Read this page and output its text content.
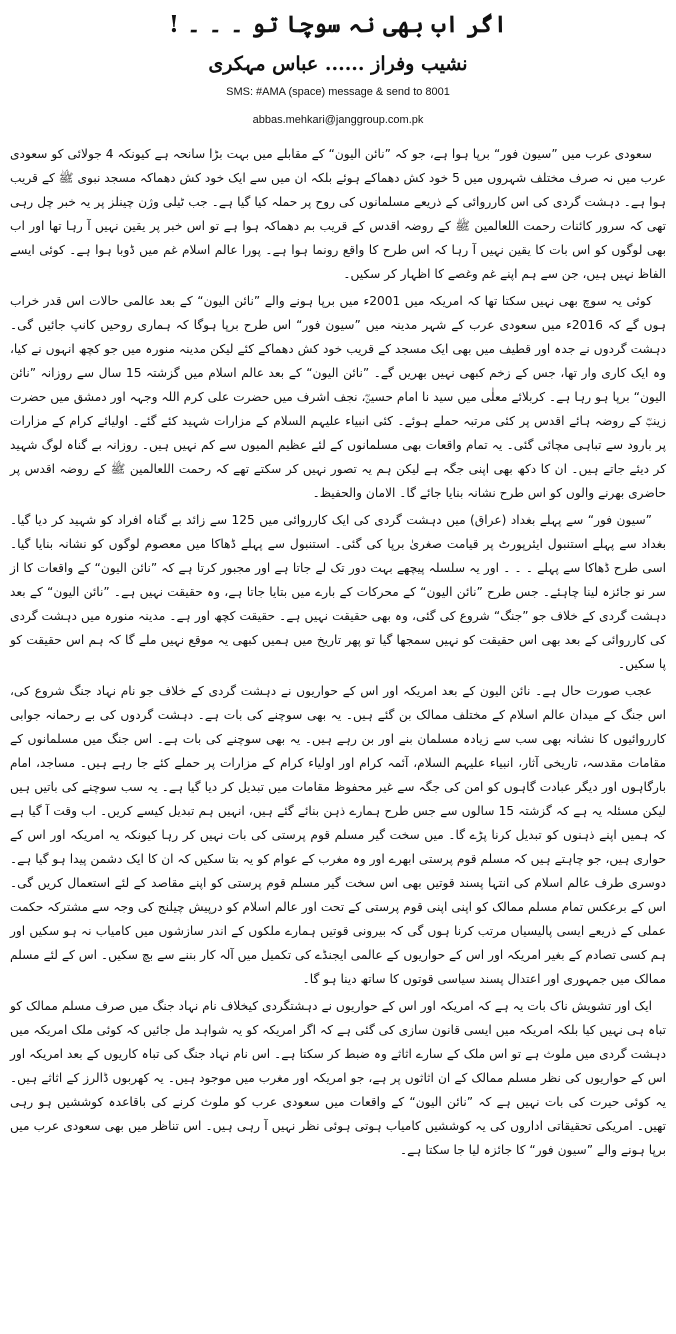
اگر اب بھی نہ سوچا تو ۔ ۔ ۔ !
نشیب وفراز ...... عباس مہکری
SMS: #AMA (space) message & send to 8001
abbas.mehkari@janggroup.com.pk

سعودی عرب میں ”سیون فور“ برپا ہوا ہے، جو کہ ”نائن الیون“ کے مقابلے میں بہت بڑا سانحہ ہے کیونکہ 4 جولائی کو سعودی عرب میں نہ صرف مختلف شہروں میں 5 خود کش دھماکے ہوئے بلکہ ان میں سے ایک خود کش دھماکہ مسجد نبوی ﷺ کے قریب ہوا ہے۔ دہشت گردی کی اس کارروائی کے ذریعے مسلمانوں کی روح پر حملہ کیا گیا ہے۔ جب ٹیلی وژن چینلز پر یہ خبر چل رہی تھی کہ سرور کائنات رحمت اللعالمین ﷺ کے روضہ اقدس کے قریب بم دھماکہ ہوا ہے تو اس خبر پر یقین نہیں آ رہا تھا اور اب بھی لوگوں کو اس بات کا یقین نہیں آ رہا کہ اس طرح کا واقع رونما ہوا ہے۔ پورا عالم اسلام غم میں ڈوبا ہوا ہے۔ کوئی ایسے الفاظ نہیں ہیں، جن سے ہم اپنے غم وغصے کا اظہار کر سکیں۔

کوئی یہ سوچ بھی نہیں سکتا تھا کہ امریکہ میں 2001ء میں برپا ہونے والے ”نائن الیون“ کے بعد عالمی حالات اس قدر خراب ہوں گے کہ 2016ء میں سعودی عرب کے شہر مدینہ میں ”سیون فور“ اس طرح برپا ہوگا کہ ہماری روحیں کانپ جائیں گی۔ دہشت گردوں نے جدہ اور قطیف میں بھی ایک مسجد کے قریب خود کش دھماکے کئے لیکن مدینہ منورہ میں جو کچھ انہوں نے کیا، وہ ایک کاری وار تھا، جس کے زخم کبھی نہیں بھریں گے۔ ”نائن الیون“ کے بعد عالم اسلام میں گزشتہ 15 سال سے روزانہ ”نائن الیون“ برپا ہو رہا ہے۔ کربلائے معلٰی میں سید نا امام حسینؓ، نجف اشرف میں حضرت علی کرم اللہ وجہہ اور دمشق میں حضرت زینبؓ کے روضہ ہائے اقدس پر کئی مرتبہ حملے ہوئے۔ کئی انبیاء علیہم السلام کے مزارات شہید کئے گئے۔ اولیائے کرام کے مزارات پر بارود سے تباہی مچائی گئی۔ یہ تمام واقعات بھی مسلمانوں کے لئے عظیم المیوں سے کم نہیں ہیں۔ روزانہ بے گناہ لوگ شہید کر دیئے جاتے ہیں۔ ان کا دکھ بھی اپنی جگہ ہے لیکن ہم یہ تصور نہیں کر سکتے تھے کہ رحمت اللعالمین ﷺ کے روضہ اقدس پر حاضری بھرنے والوں کو اس طرح نشانہ بنایا جائے گا۔ الامان والحفیظ۔

”سیون فور“ سے پہلے بغداد (عراق) میں دہشت گردی کی ایک کارروائی میں 125 سے زائد بے گناہ افراد کو شہید کر دیا گیا۔ بغداد سے پہلے استنبول ایئرپورٹ پر قیامت صغریٰ برپا کی گئی۔ استنبول سے پہلے ڈھاکا میں معصوم لوگوں کو نشانہ بنایا گیا۔ اسی طرح ڈھاکا سے پہلے ۔ ۔ ۔ اور یہ سلسلہ پیچھے بہت دور تک لے جاتا ہے اور مجبور کرتا ہے کہ ”نائن الیون“ کے واقعات کا از سر نو جائزہ لینا چاہئے۔ جس طرح ”نائن الیون“ کے محرکات کے بارے میں بتایا جاتا ہے، وہ حقیقت نہیں ہے۔ ”نائن الیون“ کے بعد دہشت گردی کے خلاف جو ”جنگ“ شروع کی گئی، وہ بھی حقیقت نہیں ہے۔ حقیقت کچھ اور ہے۔ مدینہ منورہ میں دہشت گردی کی کارروائی کے بعد بھی اس حقیقت کو نہیں سمجھا گیا تو پھر تاریخ میں ہمیں کبھی یہ موقع نہیں ملے گا کہ ہم اس حقیقت کو پا سکیں۔

عجب صورت حال ہے۔ نائن الیون کے بعد امریکہ اور اس کے حواریوں نے دہشت گردی کے خلاف جو نام نہاد جنگ شروع کی، اس جنگ کے میدان عالم اسلام کے مختلف ممالک بن گئے ہیں۔ یہ بھی سوچنے کی بات ہے۔ دہشت گردوں کی بے رحمانہ جوابی کارروائیوں کا نشانہ بھی سب سے زیادہ مسلمان بنے اور بن رہے ہیں۔ یہ بھی سوچنے کی بات ہے۔ اس جنگ میں مسلمانوں کے مقامات مقدسہ، تاریخی آثار، انبیاء علیہم السلام، آئمہ کرام اور اولیاء کرام کے مزارات پر حملے کئے جا رہے ہیں۔ مساجد، امام بارگاہوں اور دیگر عبادت گاہوں کو امن کی جگہ سے غیر محفوظ مقامات میں تبدیل کر دیا گیا ہے۔ یہ سب سوچنے کی باتیں ہیں لیکن مسئلہ یہ ہے کہ گزشتہ 15 سالوں سے جس طرح ہمارے ذہن بنائے گئے ہیں، انہیں ہم تبدیل کیسے کریں۔ اب وقت آ گیا ہے کہ ہمیں اپنے ذہنوں کو تبدیل کرنا پڑے گا۔ میں سخت گیر مسلم قوم پرستی کی بات نہیں کر رہا کیونکہ یہ امریکہ اور اس کے حواری ہیں، جو چاہتے ہیں کہ مسلم قوم پرستی ابھرے اور وہ مغرب کے عوام کو یہ بتا سکیں کہ ان کا ایک دشمن پیدا ہو گیا ہے۔ دوسری طرف عالم اسلام کی انتہا پسند قوتیں بھی اس سخت گیر مسلم قوم پرستی کو اپنے مقاصد کے لئے استعمال کریں گی۔ اس کے برعکس تمام مسلم ممالک کو اپنی اپنی قوم پرستی کے تحت اور عالم اسلام کو درپیش چیلنج کی وجہ سے مشترکہ حکمت عملی کے ذریعے ایسی پالیسیاں مرتب کرنا ہوں گی کہ بیرونی قوتیں ہمارے ملکوں کے اندر سازشوں میں کامیاب نہ ہو سکیں اور ہم کسی تصادم کے بغیر امریکہ اور اس کے حواریوں کے عالمی ایجنڈے کی تکمیل میں آلہ کار بننے سے بچ سکیں۔ اس کے لئے مسلم ممالک میں جمہوری اور اعتدال پسند سیاسی قوتوں کا ساتھ دینا ہو گا۔

ایک اور تشویش ناک بات یہ ہے کہ امریکہ اور اس کے حواریوں نے دہشتگردی کیخلاف نام نہاد جنگ میں صرف مسلم ممالک کو تباہ ہی نہیں کیا بلکہ امریکہ میں ایسی قانون سازی کی گئی ہے کہ اگر امریکہ کو یہ شواہد مل جائیں کہ کوئی ملک امریکہ میں دہشت گردی میں ملوث ہے تو اس ملک کے سارے اثاثے وہ ضبط کر سکتا ہے۔ اس نام نہاد جنگ کی تباہ کاریوں کے بعد امریکہ اور اس کے حواریوں کی نظر مسلم ممالک کے ان اثاثوں پر ہے، جو امریکہ اور مغرب میں موجود ہیں۔ یہ کھربوں ڈالرز کے اثاثے ہیں۔ یہ کوئی حیرت کی بات نہیں ہے کہ ”نائن الیون“ کے واقعات میں سعودی عرب کو ملوث کرنے کی باقاعدہ کوششیں ہو رہی تھیں۔ امریکی تحقیقاتی اداروں کی یہ کوششیں کامیاب ہوتی ہوئی نظر نہیں آ رہی ہیں۔ اس تناظر میں بھی سعودی عرب میں برپا ہونے والے ”سیون فور“ کا جائزہ لیا جا سکتا ہے۔
